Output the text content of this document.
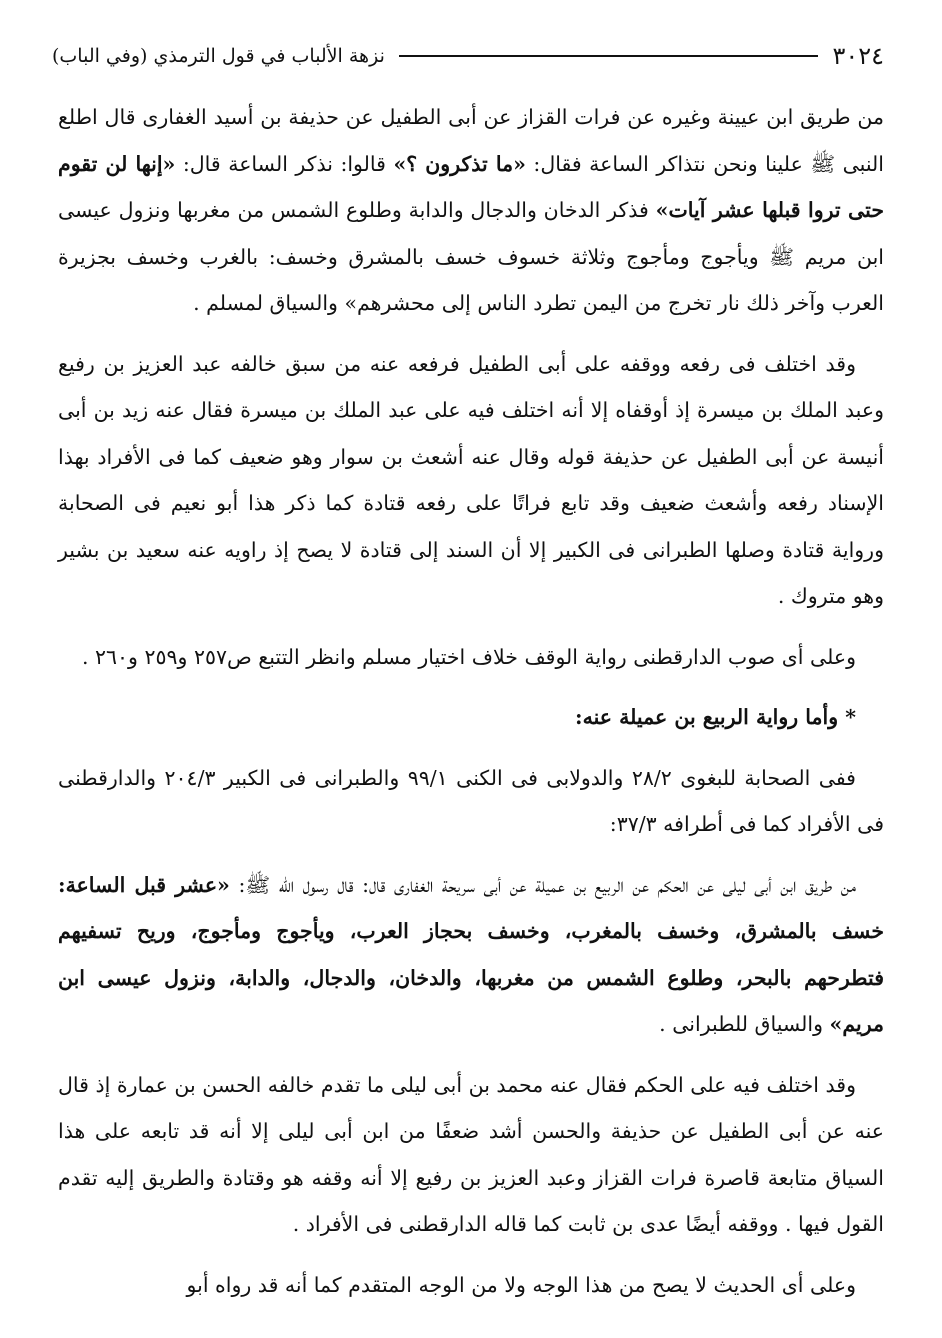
٣٠٢٤
نزهة الألباب في قول الترمذي (وفي الباب)

من طريق ابن عيينة وغيره عن فرات القزاز عن أبى الطفيل عن حذيفة بن أسيد الغفارى قال اطلع النبى ﷺ علينا ونحن نتذاكر الساعة فقال: «ما تذكرون ؟» قالوا: نذكر الساعة قال: «إنها لن تقوم حتى تروا قبلها عشر آيات» فذكر الدخان والدجال والدابة وطلوع الشمس من مغربها ونزول عيسى ابن مريم ﷺ ويأجوج ومأجوج وثلاثة خسوف خسف بالمشرق وخسف: بالغرب وخسف بجزيرة العرب وآخر ذلك نار تخرج من اليمن تطرد الناس إلى محشرهم» والسياق لمسلم .

وقد اختلف فى رفعه ووقفه على أبى الطفيل فرفعه عنه من سبق خالفه عبد العزيز بن رفيع وعبد الملك بن ميسرة إذ أوقفاه إلا أنه اختلف فيه على عبد الملك بن ميسرة فقال عنه زيد بن أبى أنيسة عن أبى الطفيل عن حذيفة قوله وقال عنه أشعث بن سوار وهو ضعيف كما فى الأفراد بهذا الإسناد رفعه وأشعث ضعيف وقد تابع فراتًا على رفعه قتادة كما ذكر هذا أبو نعيم فى الصحابة ورواية قتادة وصلها الطبرانى فى الكبير إلا أن السند إلى قتادة لا يصح إذ راويه عنه سعيد بن بشير وهو متروك .

وعلى أى صوب الدارقطنى رواية الوقف خلاف اختيار مسلم وانظر التتبع ص٢٥٧ و٢٥٩ و٢٦٠ .

* وأما رواية الربيع بن عميلة عنه:

ففى الصحابة للبغوى ٢٨/٢ والدولابى فى الكنى ٩٩/١ والطبرانى فى الكبير ٢٠٤/٣ والدارقطنى فى الأفراد كما فى أطرافه ٣٧/٣:

من طريق ابن أبى ليلى عن الحكم عن الربيع بن عميلة عن أبى سريحة الغفارى قال: قال رسول الله ﷺ: «عشر قبل الساعة: خسف بالمشرق، وخسف بالمغرب، وخسف بحجاز العرب، ويأجوج ومأجوج، وريح تسفيهم فتطرحهم بالبحر، وطلوع الشمس من مغربها، والدخان، والدجال، والدابة، ونزول عيسى ابن مريم» والسياق للطبرانى .

وقد اختلف فيه على الحكم فقال عنه محمد بن أبى ليلى ما تقدم خالفه الحسن بن عمارة إذ قال عنه عن أبى الطفيل عن حذيفة والحسن أشد ضعفًا من ابن أبى ليلى إلا أنه قد تابعه على هذا السياق متابعة قاصرة فرات القزاز وعبد العزيز بن رفيع إلا أنه وقفه هو وقتادة والطريق إليه تقدم القول فيها . ووقفه أيضًا عدى بن ثابت كما قاله الدارقطنى فى الأفراد .

وعلى أى الحديث لا يصح من هذا الوجه ولا من الوجه المتقدم كما أنه قد رواه أبو
